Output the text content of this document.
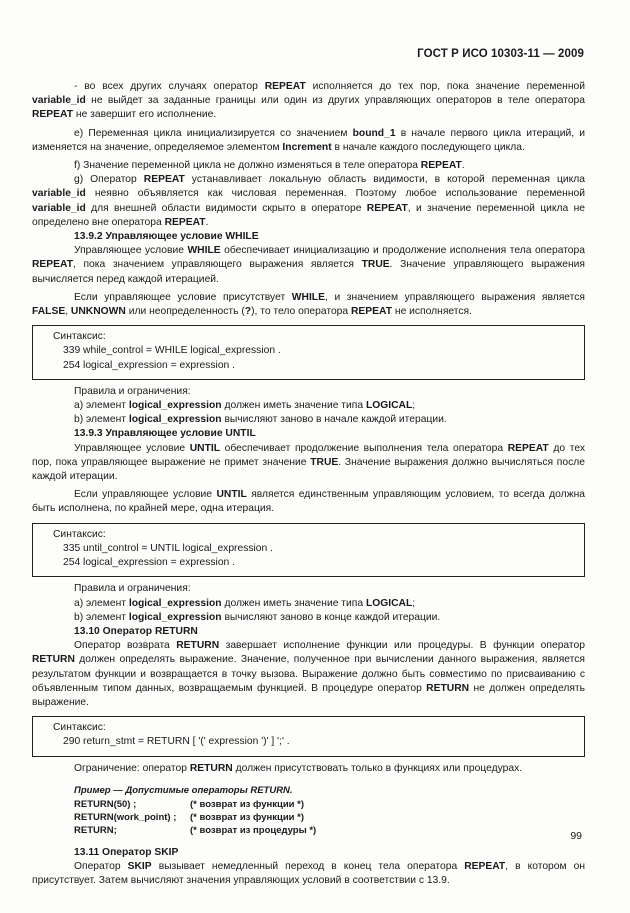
ГОСТ Р ИСО 10303-11 — 2009

- во всех других случаях оператор REPEAT исполняется до тех пор, пока значение переменной variable_id не выйдет за заданные границы или один из других управляющих операторов в теле оператора REPEAT не завершит его исполнение.

e) Переменная цикла инициализируется со значением bound_1 в начале первого цикла итераций, и изменяется на значение, определяемое элементом Increment в начале каждого последующего цикла.

f) Значение переменной цикла не должно изменяться в теле оператора REPEAT.

g) Оператор REPEAT устанавливает локальную область видимости, в которой переменная цикла variable_id неявно объявляется как числовая переменная. Поэтому любое использование переменной variable_id для внешней области видимости скрыто в операторе REPEAT, и значение переменной цикла не определено вне оператора REPEAT.

13.9.2 Управляющее условие WHILE

Управляющее условие WHILE обеспечивает инициализацию и продолжение исполнения тела оператора REPEAT, пока значением управляющего выражения является TRUE. Значение управляющего выражения вычисляется перед каждой итерацией.

Если управляющее условие присутствует WHILE, и значением управляющего выражения является FALSE, UNKNOWN или неопределенность (?), то тело оператора REPEAT не исполняется.

Синтаксис:
339 while_control = WHILE logical_expression .
254 logical_expression = expression .
Правила и ограничения:
a) элемент logical_expression должен иметь значение типа LOGICAL;
b) элемент logical_expression вычисляют заново в начале каждой итерации.
13.9.3 Управляющее условие UNTIL

Управляющее условие UNTIL обеспечивает продолжение выполнения тела оператора REPEAT до тех пор, пока управляющее выражение не примет значение TRUE. Значение выражения должно вычисляться после каждой итерации.

Если управляющее условие UNTIL является единственным управляющим условием, то всегда должна быть исполнена, по крайней мере, одна итерация.

Синтаксис:
335 until_control = UNTIL logical_expression .
254 logical_expression = expression .
Правила и ограничения:
a) элемент logical_expression должен иметь значение типа LOGICAL;
b) элемент logical_expression вычисляют заново в конце каждой итерации.
13.10 Оператор RETURN

Оператор возврата RETURN завершает исполнение функции или процедуры. В функции оператор RETURN должен определять выражение. Значение, полученное при вычислении данного выражения, является результатом функции и возвращается в точку вызова. Выражение должно быть совместимо по присваиванию с объявленным типом данных, возвращаемым функцией. В процедуре оператор RETURN не должен определять выражение.

Синтаксис:
290 return_stmt = RETURN [ '(' expression ')' ] ';' .
Ограничение: оператор RETURN должен присутствовать только в функциях или процедурах.
Пример — Допустимые операторы RETURN.
RETURN(50) ;	(* возврат из функции *)
RETURN(work_point) ; (* возврат из функции *)
RETURN;	(* возврат из процедуры *)
13.11 Оператор SKIP

Оператор SKIP вызывает немедленный переход в конец тела оператора REPEAT, в котором он присутствует. Затем вычисляют значения управляющих условий в соответствии с 13.9.

99
